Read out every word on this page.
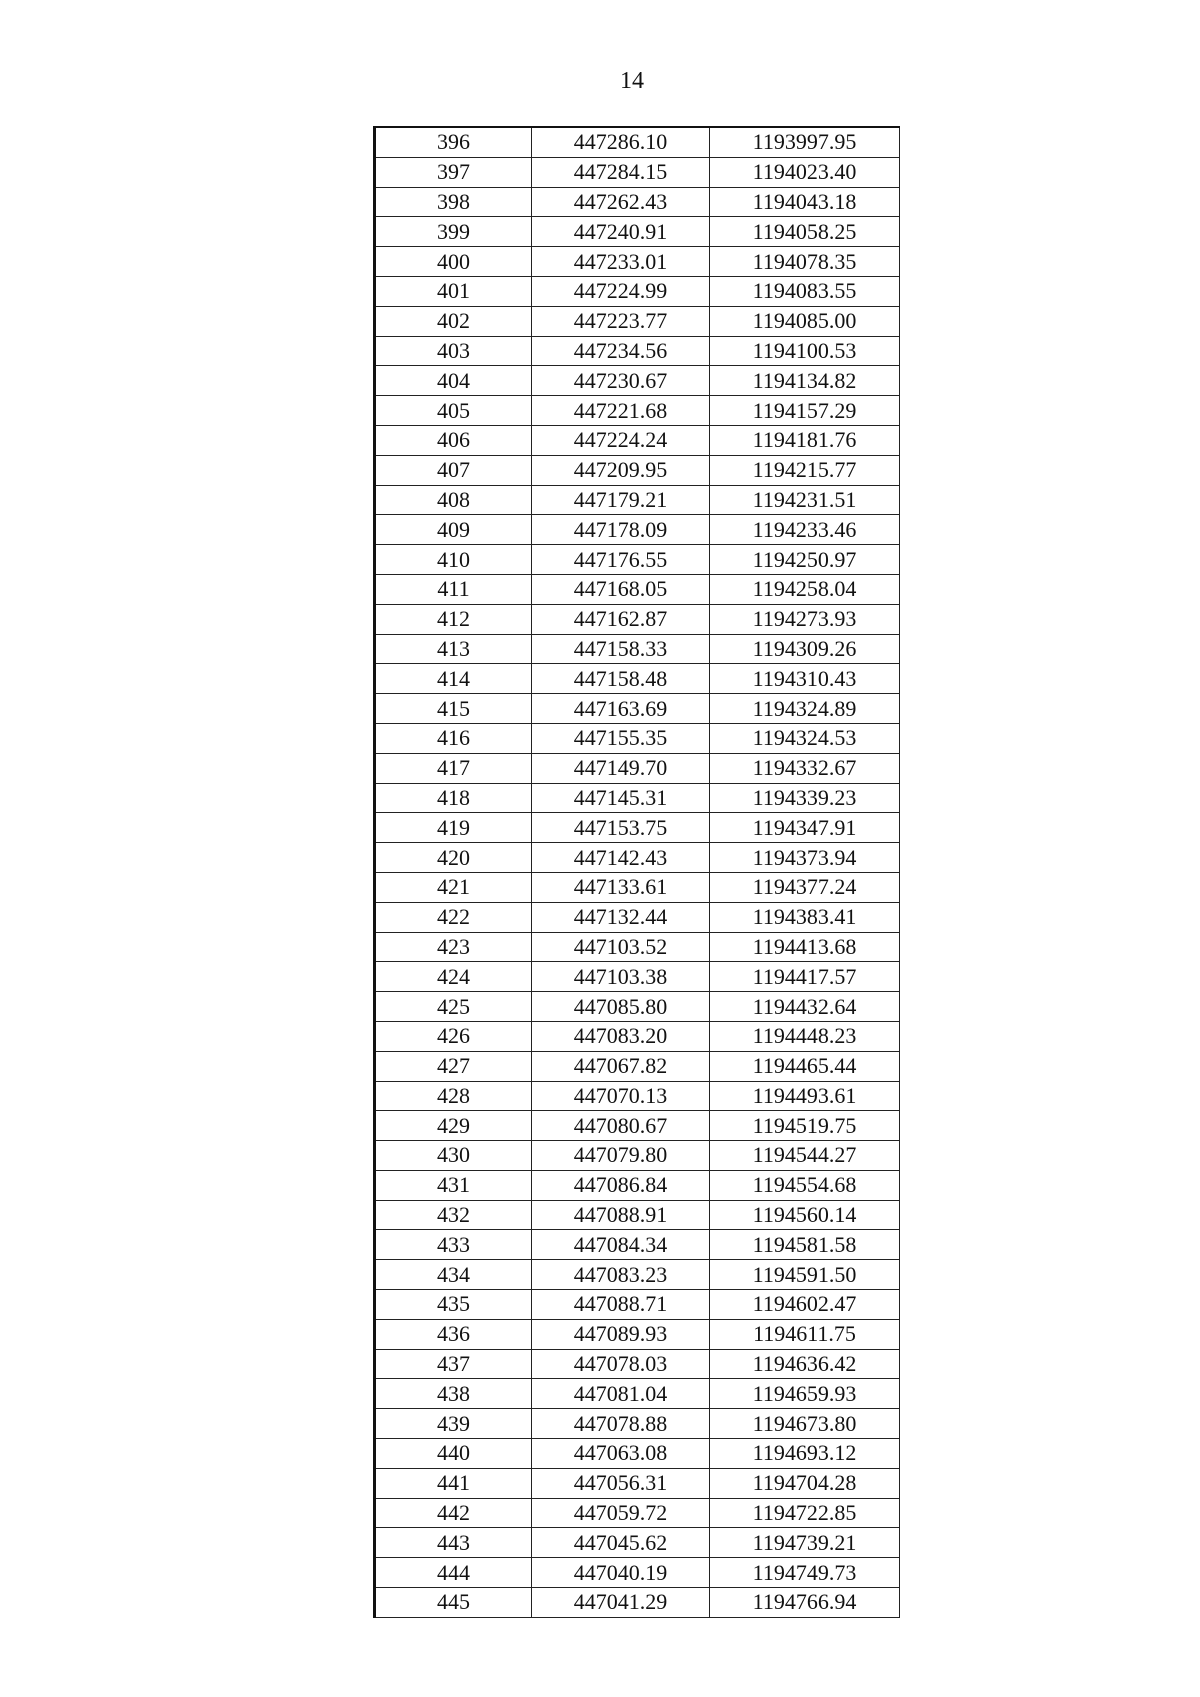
14
396	447286.10	1193997.95
397	447284.15	1194023.40
398	447262.43	1194043.18
399	447240.91	1194058.25
400	447233.01	1194078.35
401	447224.99	1194083.55
402	447223.77	1194085.00
403	447234.56	1194100.53
404	447230.67	1194134.82
405	447221.68	1194157.29
406	447224.24	1194181.76
407	447209.95	1194215.77
408	447179.21	1194231.51
409	447178.09	1194233.46
410	447176.55	1194250.97
411	447168.05	1194258.04
412	447162.87	1194273.93
413	447158.33	1194309.26
414	447158.48	1194310.43
415	447163.69	1194324.89
416	447155.35	1194324.53
417	447149.70	1194332.67
418	447145.31	1194339.23
419	447153.75	1194347.91
420	447142.43	1194373.94
421	447133.61	1194377.24
422	447132.44	1194383.41
423	447103.52	1194413.68
424	447103.38	1194417.57
425	447085.80	1194432.64
426	447083.20	1194448.23
427	447067.82	1194465.44
428	447070.13	1194493.61
429	447080.67	1194519.75
430	447079.80	1194544.27
431	447086.84	1194554.68
432	447088.91	1194560.14
433	447084.34	1194581.58
434	447083.23	1194591.50
435	447088.71	1194602.47
436	447089.93	1194611.75
437	447078.03	1194636.42
438	447081.04	1194659.93
439	447078.88	1194673.80
440	447063.08	1194693.12
441	447056.31	1194704.28
442	447059.72	1194722.85
443	447045.62	1194739.21
444	447040.19	1194749.73
445	447041.29	1194766.94
